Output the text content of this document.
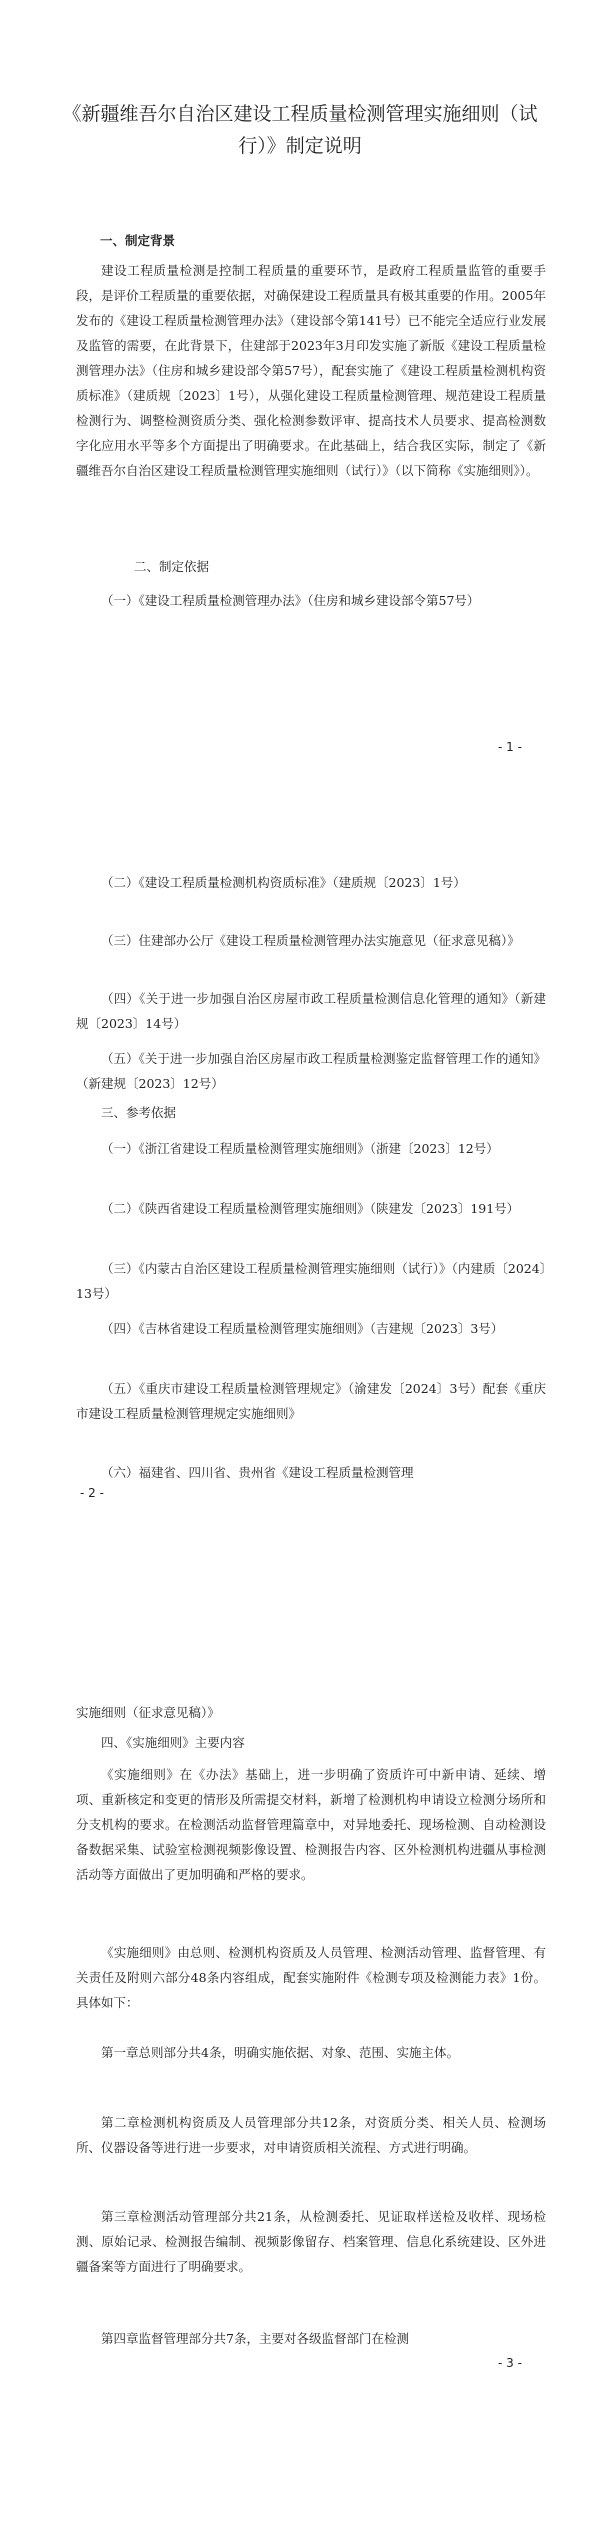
《新疆维吾尔自治区建设工程质量检测管理实施细则（试行）》制定说明

一、制定背景

建设工程质量检测是控制工程质量的重要环节，是政府工程质量监管的重要手段，是评价工程质量的重要依据，对确保建设工程质量具有极其重要的作用。2005年发布的《建设工程质量检测管理办法》（建设部令第141号）已不能完全适应行业发展及监管的需要，在此背景下，住建部于2023年3月印发实施了新版《建设工程质量检测管理办法》（住房和城乡建设部令第57号），配套实施了《建设工程质量检测机构资质标准》（建质规〔2023〕1号），从强化建设工程质量检测管理、规范建设工程质量检测行为、调整检测资质分类、强化检测参数评审、提高技术人员要求、提高检测数字化应用水平等多个方面提出了明确要求。在此基础上，结合我区实际，制定了《新疆维吾尔自治区建设工程质量检测管理实施细则（试行）》（以下简称《实施细则》）。

二、制定依据

（一）《建设工程质量检测管理办法》（住房和城乡建设部令第57号）

- 1 -

（二）《建设工程质量检测机构资质标准》（建质规〔2023〕1号）

（三）住建部办公厅《建设工程质量检测管理办法实施意见（征求意见稿）》

（四）《关于进一步加强自治区房屋市政工程质量检测信息化管理的通知》（新建规〔2023〕14号）

（五）《关于进一步加强自治区房屋市政工程质量检测鉴定监督管理工作的通知》（新建规〔2023〕12号）

三、参考依据

（一）《浙江省建设工程质量检测管理实施细则》（浙建〔2023〕12号）

（二）《陕西省建设工程质量检测管理实施细则》（陕建发〔2023〕191号）

（三）《内蒙古自治区建设工程质量检测管理实施细则（试行）》（内建质〔2024〕13号）

（四）《吉林省建设工程质量检测管理实施细则》（吉建规〔2023〕3号）

（五）《重庆市建设工程质量检测管理规定》（渝建发〔2024〕3号）配套《重庆市建设工程质量检测管理规定实施细则》

（六）福建省、四川省、贵州省《建设工程质量检测管理

- 2 -

实施细则（征求意见稿）》

四、《实施细则》主要内容

《实施细则》在《办法》基础上，进一步明确了资质许可中新申请、延续、增项、重新核定和变更的情形及所需提交材料，新增了检测机构申请设立检测分场所和分支机构的要求。在检测活动监督管理篇章中，对异地委托、现场检测、自动检测设备数据采集、试验室检测视频影像设置、检测报告内容、区外检测机构进疆从事检测活动等方面做出了更加明确和严格的要求。

《实施细则》由总则、检测机构资质及人员管理、检测活动管理、监督管理、有关责任及附则六部分48条内容组成，配套实施附件《检测专项及检测能力表》1份。具体如下：

第一章总则部分共4条，明确实施依据、对象、范围、实施主体。

第二章检测机构资质及人员管理部分共12条，对资质分类、相关人员、检测场所、仪器设备等进行进一步要求，对申请资质相关流程、方式进行明确。

第三章检测活动管理部分共21条，从检测委托、见证取样送检及收样、现场检测、原始记录、检测报告编制、视频影像留存、档案管理、信息化系统建设、区外进疆备案等方面进行了明确要求。

第四章监督管理部分共7条，主要对各级监督部门在检测

- 3 -
